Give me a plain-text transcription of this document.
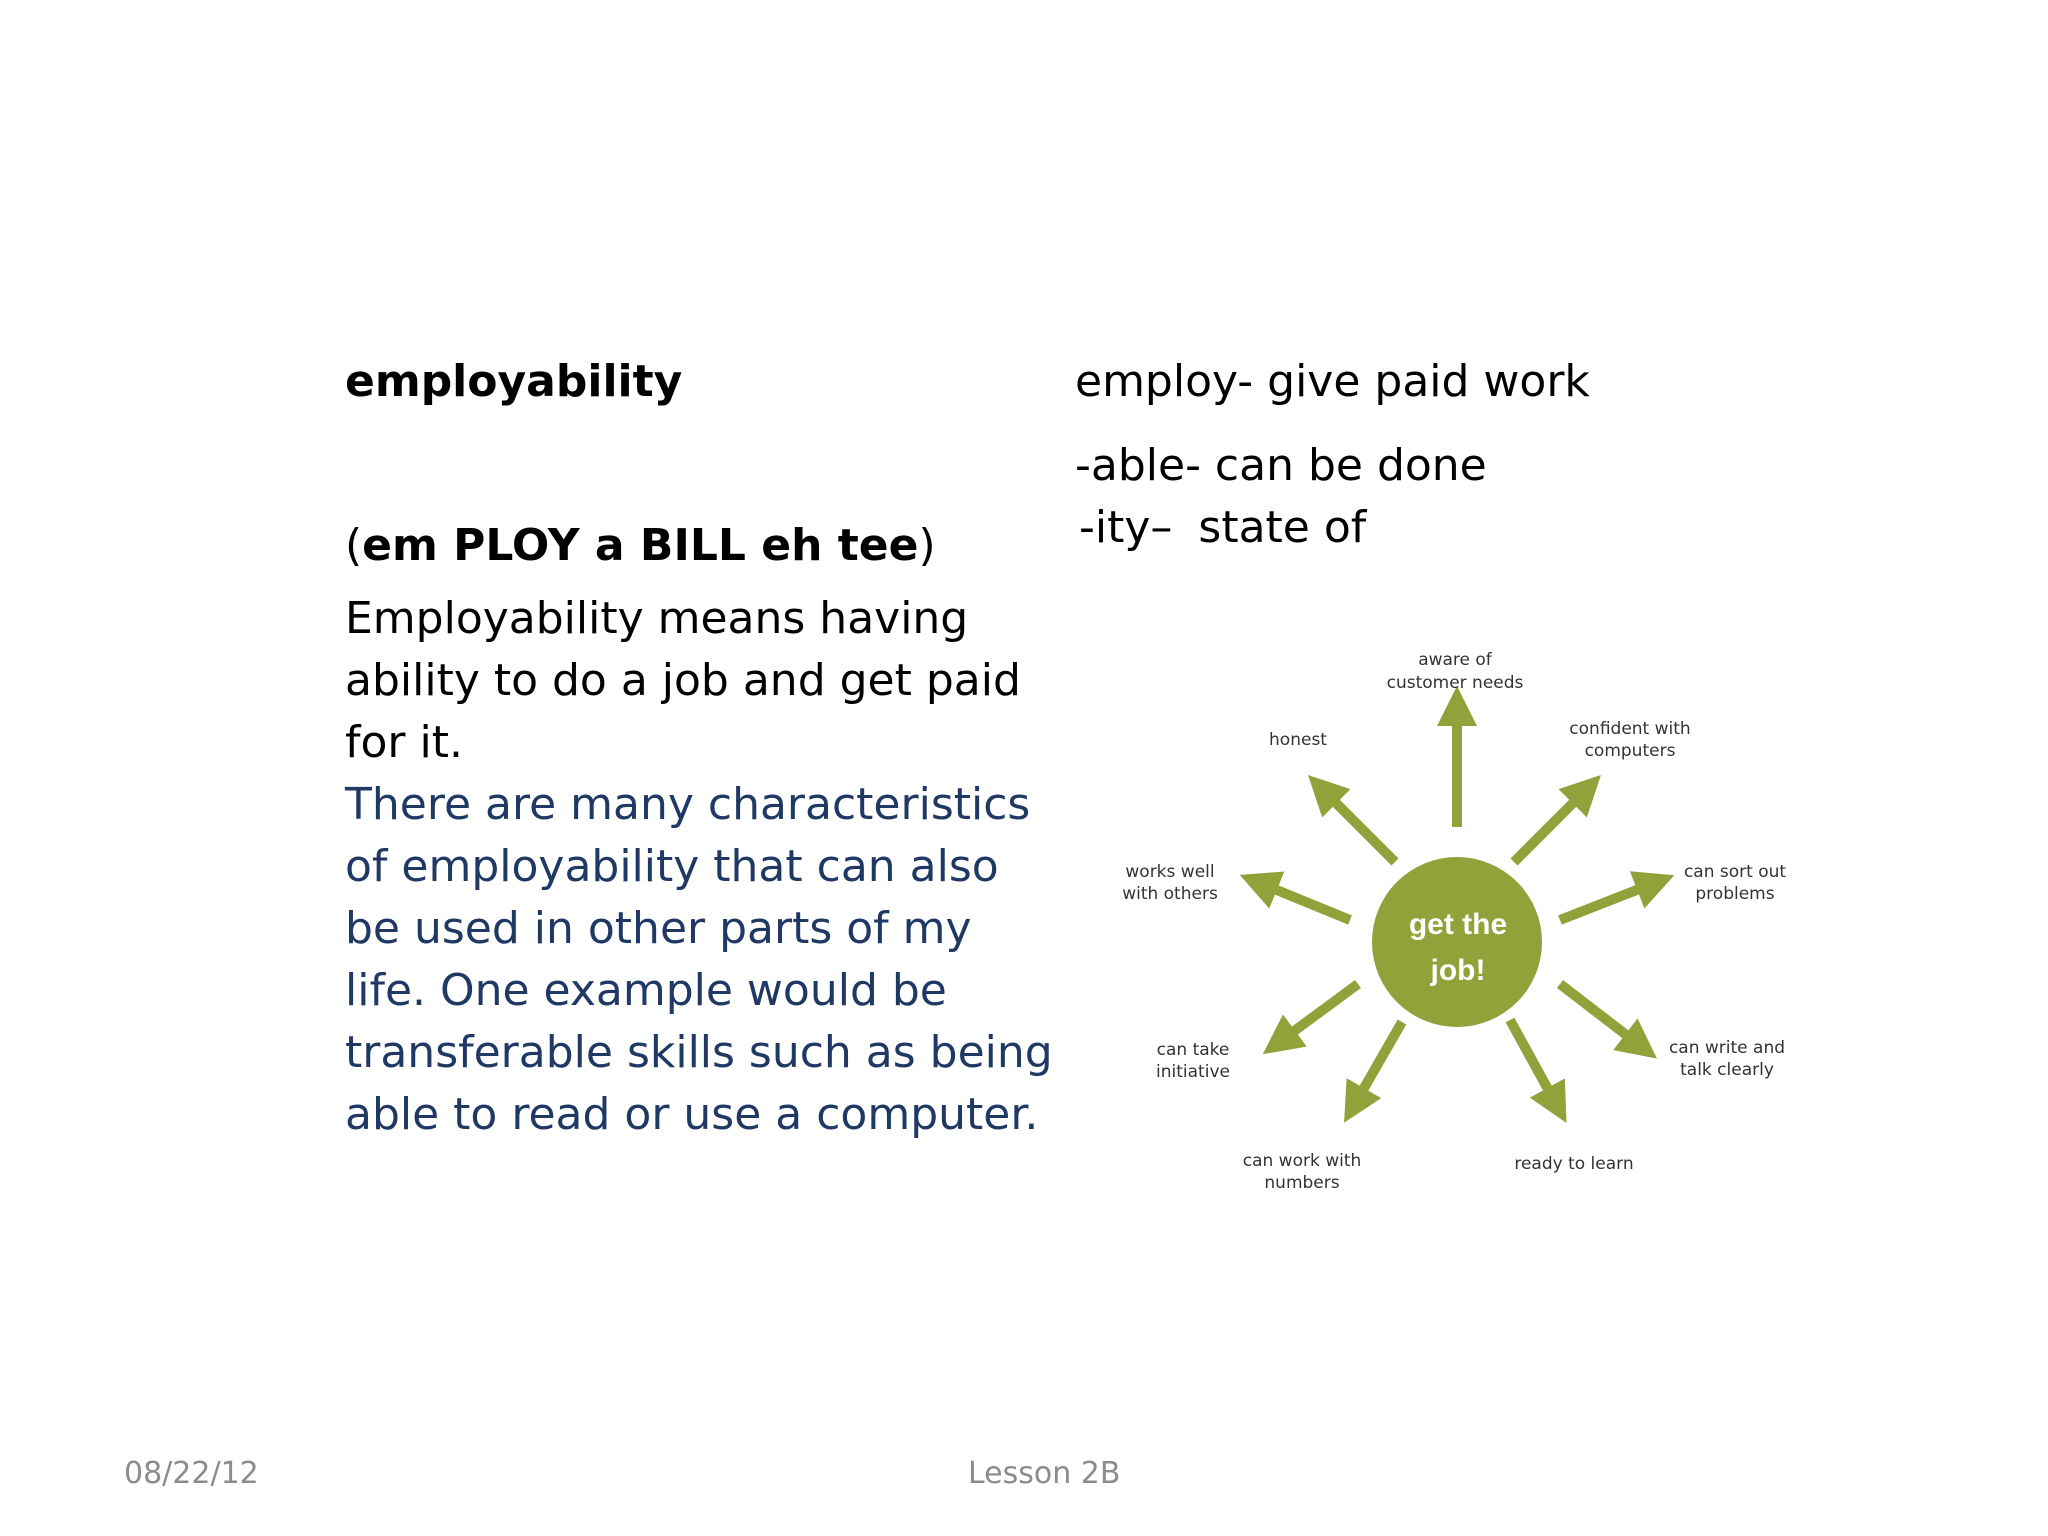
employability
(em PLOY a BILL eh tee)
Employability means having ability to do a job and get paid for it.
There are many characteristics of employability that can also be used in other parts of my life. One example would be transferable skills such as being able to read or use a computer.
employ- give paid work
-able- can be done
-ity– state of
get the
job!
aware of
customer needs
honest
confident with
computers
works well
with others
can sort out
problems
can take
initiative
can write and
talk clearly
can work with
numbers
ready to learn
08/22/12	Lesson 2B
